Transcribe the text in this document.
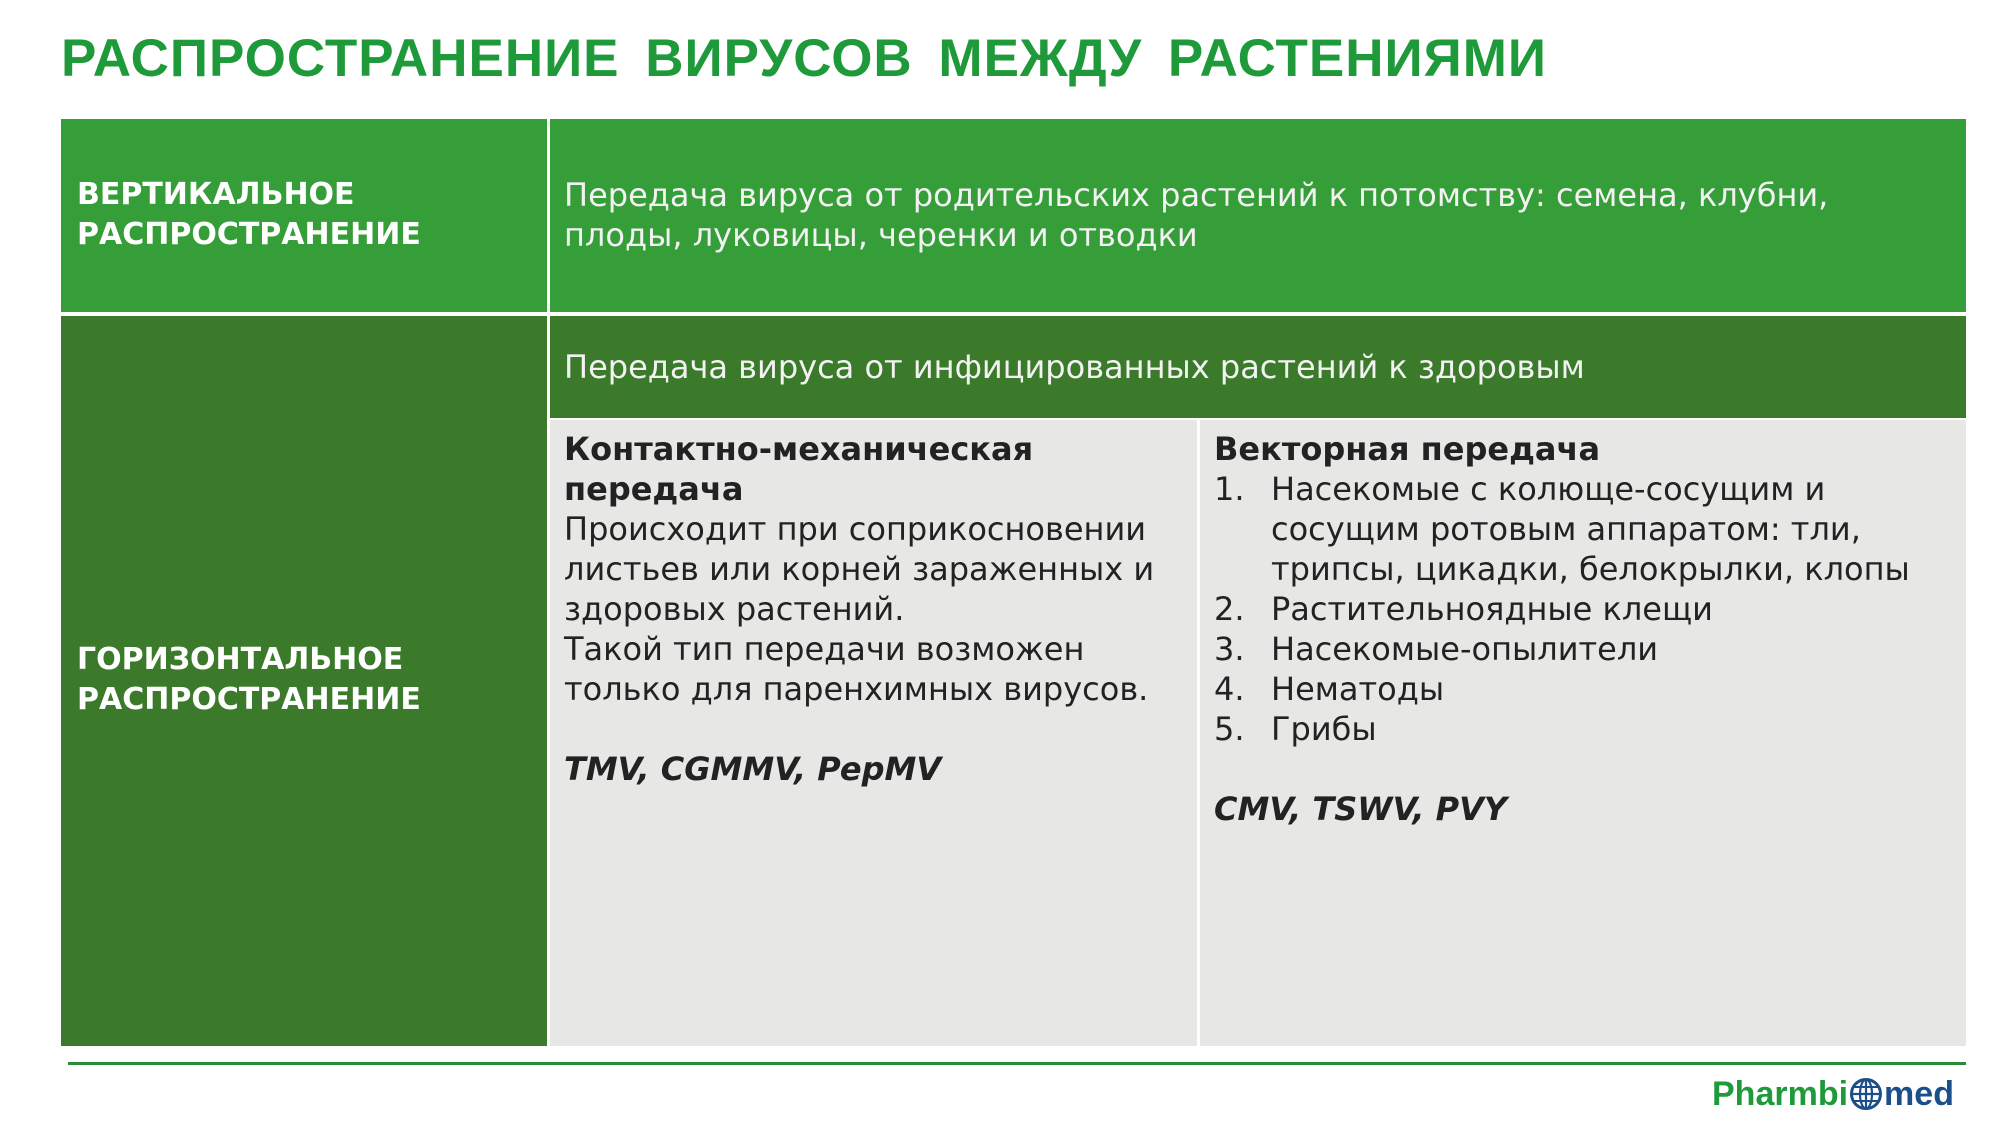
РАСПРОСТРАНЕНИЕ ВИРУСОВ МЕЖДУ РАСТЕНИЯМИ
ВЕРТИКАЛЬНОЕ
РАСПРОСТРАНЕНИЕ
Передача вируса от родительских растений к потомству: семена, клубни, плоды, луковицы, черенки и отводки
ГОРИЗОНТАЛЬНОЕ
РАСПРОСТРАНЕНИЕ
Передача вируса от инфицированных растений к здоровым
Контактно-механическая передача

Происходит при соприкосновении листьев или корней зараженных и здоровых растений.

Такой тип передачи возможен только для паренхимных вирусов.

TMV, CGMMV, PepMV
Векторная передача
1. Насекомые с колюще-сосущим и сосущим ротовым аппаратом: тли, трипсы, цикадки, белокрылки, клопы
2. Растительноядные клещи
3. Насекомые-опылители
4. Нематоды
5. Грибы
CMV, TSWV, PVY
Pharmbi med
